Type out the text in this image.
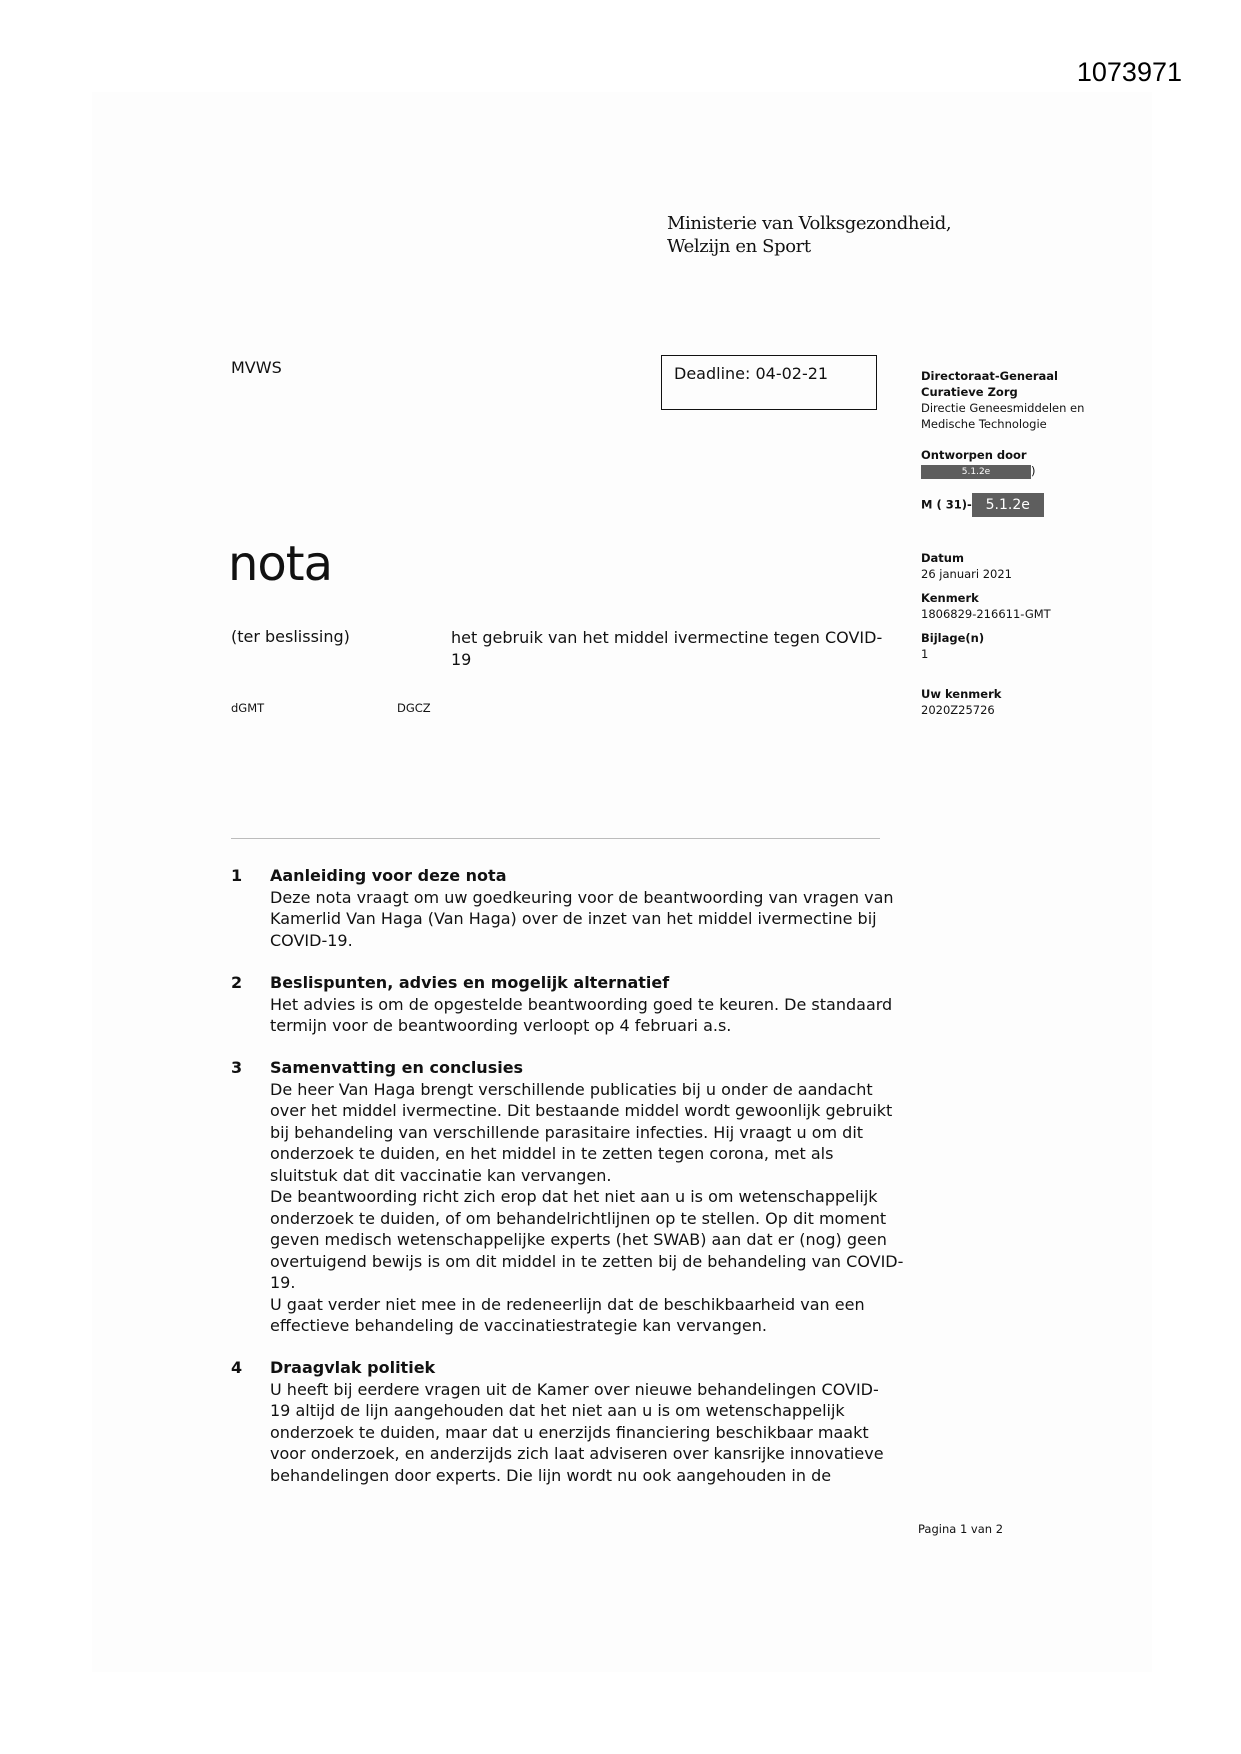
1073971
Ministerie van Volksgezondheid,
Welzijn en Sport
MVWS	Deadline: 04-02-21	Directoraat-Generaal
Curatieve Zorg
Directie Geneesmiddelen en
Medische Technologie
Ontworpen door
5.1.2e	)
M ( 31)- 5.1.2e
Datum
26 januari 2021
Kenmerk
1806829-216611-GMT
Bijlage(n)
1
Uw kenmerk
2020Z25726
nota
(ter beslissing)	het gebruik van het middel ivermectine tegen COVID-
19
dGMT	DGCZ
1 Aanleiding voor deze nota

Deze nota vraagt om uw goedkeuring voor de beantwoording van vragen van

Kamerlid Van Haga (Van Haga) over de inzet van het middel ivermectine bij

COVID-19.

2 Beslispunten, advies en mogelijk alternatief

Het advies is om de opgestelde beantwoording goed te keuren. De standaard

termijn voor de beantwoording verloopt op 4 februari a.s.

3 Samenvatting en conclusies

De heer Van Haga brengt verschillende publicaties bij u onder de aandacht

over het middel ivermectine. Dit bestaande middel wordt gewoonlijk gebruikt

bij behandeling van verschillende parasitaire infecties. Hij vraagt u om dit

onderzoek te duiden, en het middel in te zetten tegen corona, met als

sluitstuk dat dit vaccinatie kan vervangen.

De beantwoording richt zich erop dat het niet aan u is om wetenschappelijk

onderzoek te duiden, of om behandelrichtlijnen op te stellen. Op dit moment

geven medisch wetenschappelijke experts (het SWAB) aan dat er (nog) geen

overtuigend bewijs is om dit middel in te zetten bij de behandeling van COVID-

19.

U gaat verder niet mee in de redeneerlijn dat de beschikbaarheid van een

effectieve behandeling de vaccinatiestrategie kan vervangen.

4 Draagvlak politiek

U heeft bij eerdere vragen uit de Kamer over nieuwe behandelingen COVID-

19 altijd de lijn aangehouden dat het niet aan u is om wetenschappelijk

onderzoek te duiden, maar dat u enerzijds financiering beschikbaar maakt

voor onderzoek, en anderzijds zich laat adviseren over kansrijke innovatieve

behandelingen door experts. Die lijn wordt nu ook aangehouden in de

Pagina 1 van 2
